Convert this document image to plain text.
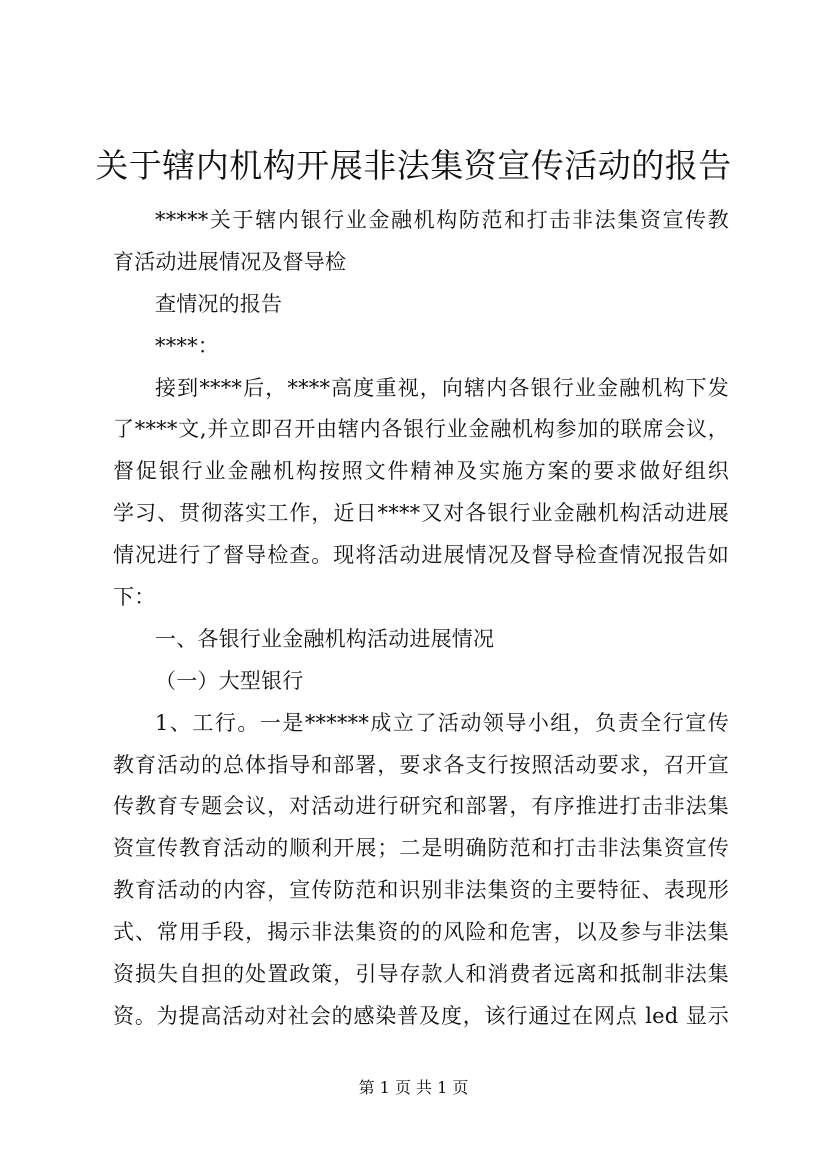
关于辖内机构开展非法集资宣传活动的报告
*****关于辖内银行业金融机构防范和打击非法集资宣传教
育活动进展情况及督导检
查情况的报告
****：
接到****后，****高度重视，向辖内各银行业金融机构下发
了****文,并立即召开由辖内各银行业金融机构参加的联席会议，
督促银行业金融机构按照文件精神及实施方案的要求做好组织
学习、贯彻落实工作，近日****又对各银行业金融机构活动进展
情况进行了督导检查。现将活动进展情况及督导检查情况报告如
下：
一、各银行业金融机构活动进展情况
（一）大型银行
1、工行。一是******成立了活动领导小组，负责全行宣传
教育活动的总体指导和部署，要求各支行按照活动要求，召开宣
传教育专题会议，对活动进行研究和部署，有序推进打击非法集
资宣传教育活动的顺利开展；二是明确防范和打击非法集资宣传
教育活动的内容，宣传防范和识别非法集资的主要特征、表现形
式、常用手段，揭示非法集资的的风险和危害，以及参与非法集
资损失自担的处置政策，引导存款人和消费者远离和抵制非法集
资。为提高活动对社会的感染普及度，该行通过在网点 led 显示
第 1 页 共 1 页
